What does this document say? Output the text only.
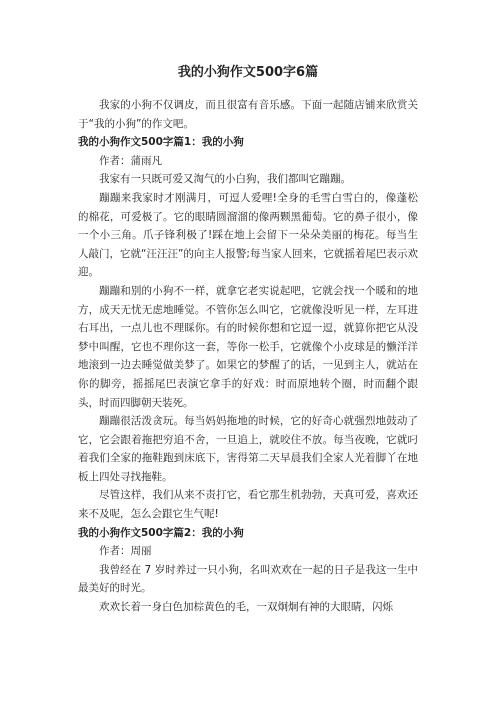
我的小狗作文500字6篇

我家的小狗不仅调皮，而且很富有音乐感。下面一起随店铺来欣赏关于“我的小狗”的作文吧。

我的小狗作文500字篇1：我的小狗

作者：蒲雨凡

我家有一只既可爱又淘气的小白狗，我们都叫它蹦蹦。

蹦蹦来我家时才刚满月，可逗人爱哩!全身的毛雪白雪白的，像蓬松的棉花，可爱极了。它的眼睛圆溜溜的像两颗黑葡萄。它的鼻子很小，像一个小三角。爪子锋利极了!踩在地上会留下一朵朵美丽的梅花。每当生人敲门，它就“汪汪汪”的向主人报警;每当家人回来，它就摇着尾巴表示欢迎。

蹦蹦和别的小狗不一样，就拿它老实说起吧，它就会找一个暖和的地方，成天无忧无虑地睡觉。不管你怎么叫它，它就像没听见一样，左耳进右耳出，一点儿也不理睬你。有的时候你想和它逗一逗，就算你把它从没梦中叫醒，它也不理你这一套，等你一松手，它就像个小皮球是的懒洋洋地滚到一边去睡觉做美梦了。如果它的梦醒了的话，一见到主人，就站在你的脚旁，摇摇尾巴表演它拿手的好戏：时而原地转个圈，时而翻个跟头，时而四脚朝天装死。

蹦蹦很活泼贪玩。每当妈妈拖地的时候，它的好奇心就强烈地鼓动了它，它会跟着拖把穷追不舍，一旦追上，就咬住不放。每当夜晚，它就叼着我们全家的拖鞋跑到床底下，害得第二天早晨我们全家人光着脚丫在地板上四处寻找拖鞋。

尽管这样，我们从来不责打它，看它那生机勃勃，天真可爱，喜欢还来不及呢，怎么会跟它生气呢!

我的小狗作文500字篇2：我的小狗

作者：周丽

我曾经在 7 岁时养过一只小狗，名叫欢欢在一起的日子是我这一生中最美好的时光。

欢欢长着一身白色加棕黄色的毛，一双炯炯有神的大眼睛，闪烁
